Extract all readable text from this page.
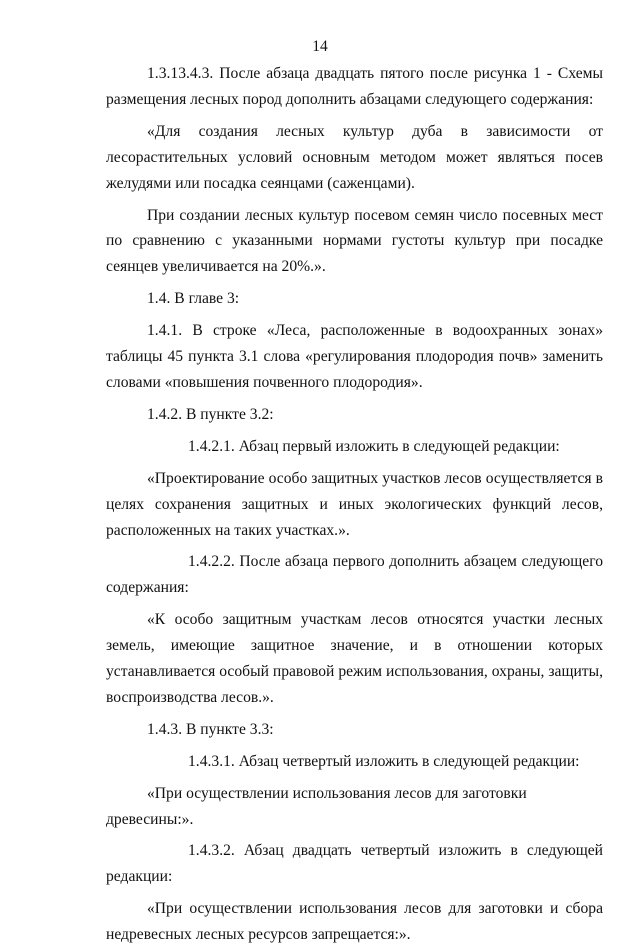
14

1.3.13.4.3. После абзаца двадцать пятого после рисунка 1 - Схемы размещения лесных пород дополнить абзацами следующего содержания:

«Для создания лесных культур дуба в зависимости от лесорастительных условий основным методом может являться посев желудями или посадка сеянцами (саженцами).

При создании лесных культур посевом семян число посевных мест по сравнению с указанными нормами густоты культур при посадке сеянцев увеличивается на 20%.».

1.4. В главе 3:

1.4.1. В строке «Леса, расположенные в водоохранных зонах» таблицы 45 пункта 3.1 слова «регулирования плодородия почв» заменить словами «повышения почвенного плодородия».

1.4.2. В пункте 3.2:

1.4.2.1. Абзац первый изложить в следующей редакции:

«Проектирование особо защитных участков лесов осуществляется в целях сохранения защитных и иных экологических функций лесов, расположенных на таких участках.».

1.4.2.2. После абзаца первого дополнить абзацем следующего содержания:

«К особо защитным участкам лесов относятся участки лесных земель, имеющие защитное значение, и в отношении которых устанавливается особый правовой режим использования, охраны, защиты, воспроизводства лесов.».

1.4.3. В пункте 3.3:

1.4.3.1. Абзац четвертый изложить в следующей редакции:

«При осуществлении использования лесов для заготовки древесины:».

1.4.3.2. Абзац двадцать четвертый изложить в следующей редакции:

«При осуществлении использования лесов для заготовки и сбора недревесных лесных ресурсов запрещается:».
